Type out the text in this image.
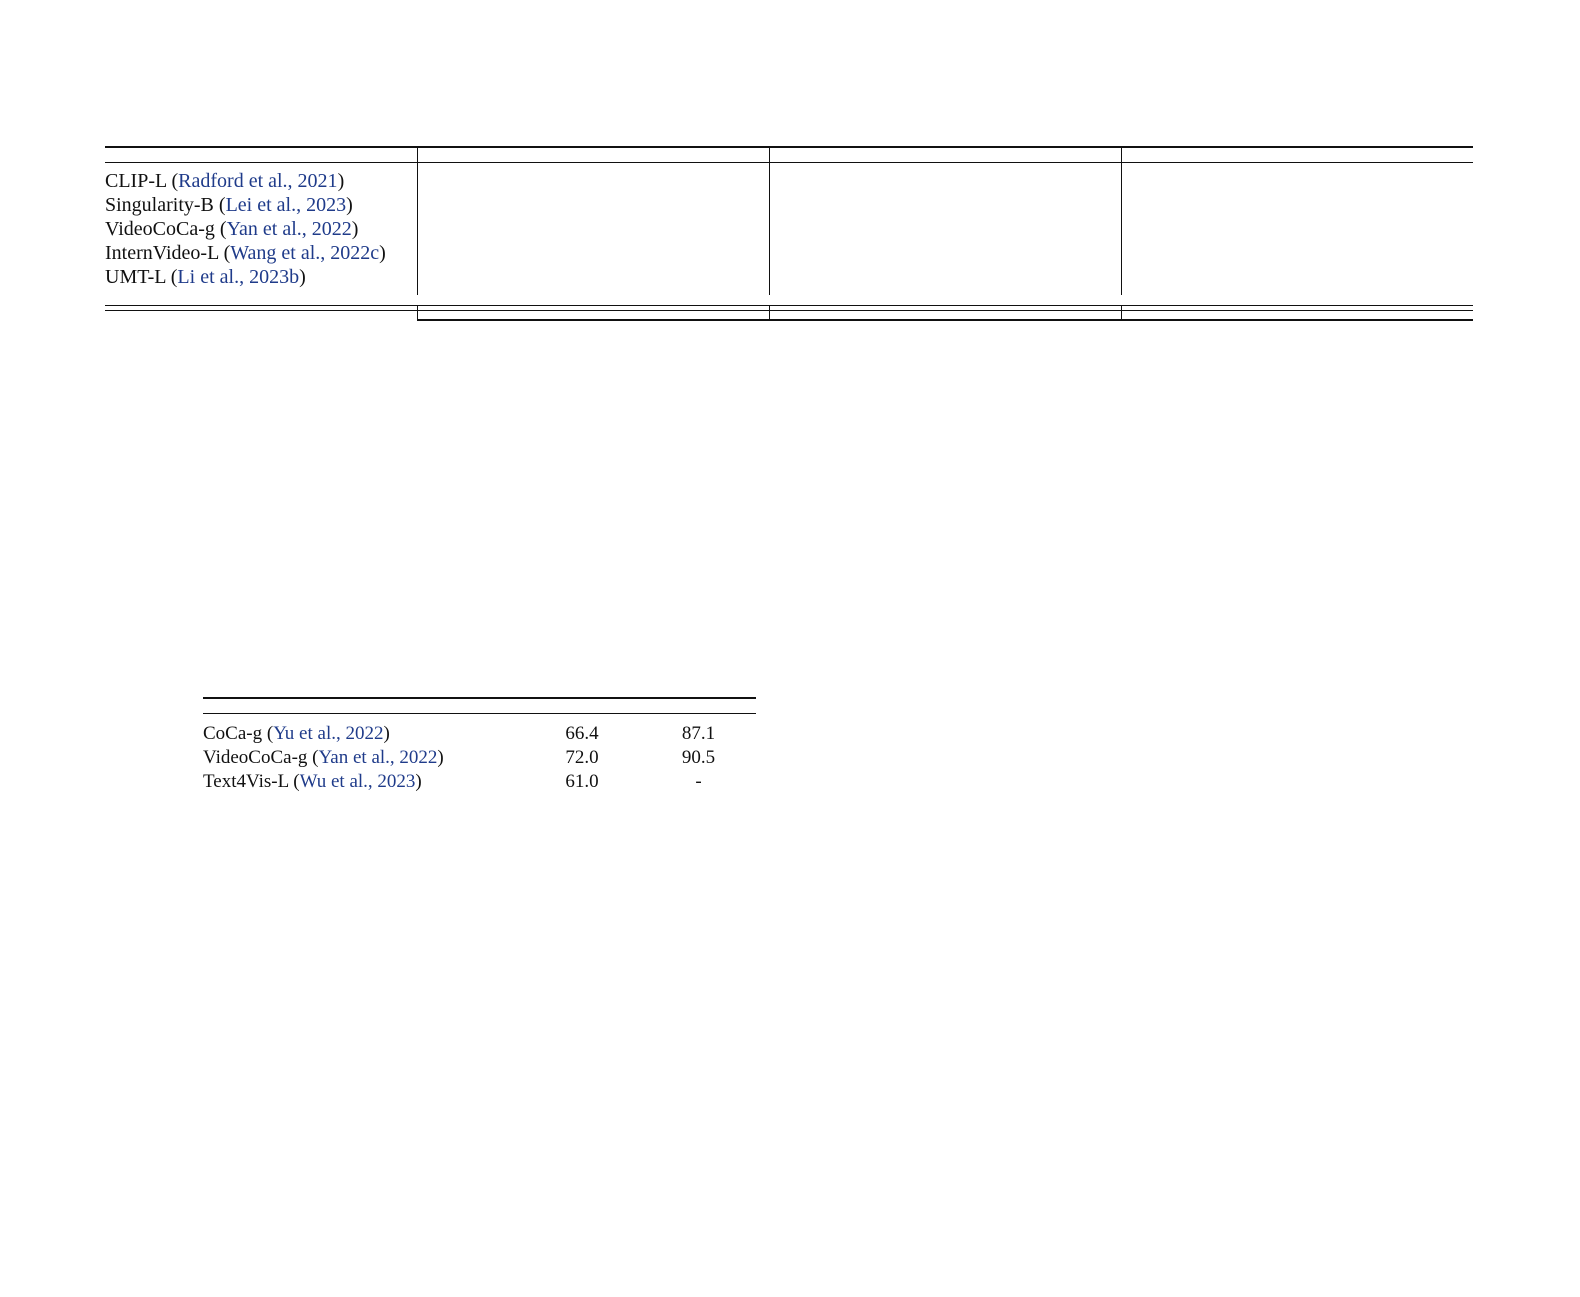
CLIP-L (Radford et al., 2021)												
Singularity-B (Lei et al., 2023)												
VideoCoCa-g (Yan et al., 2022)												
InternVideo-L (Wang et al., 2022c)												
UMT-L (Li et al., 2023b)												

CoCa-g (Yu et al., 2022)	66.4	87.1
VideoCoCa-g (Yan et al., 2022)	72.0	90.5
Text4Vis-L (Wu et al., 2023)	61.0	-
